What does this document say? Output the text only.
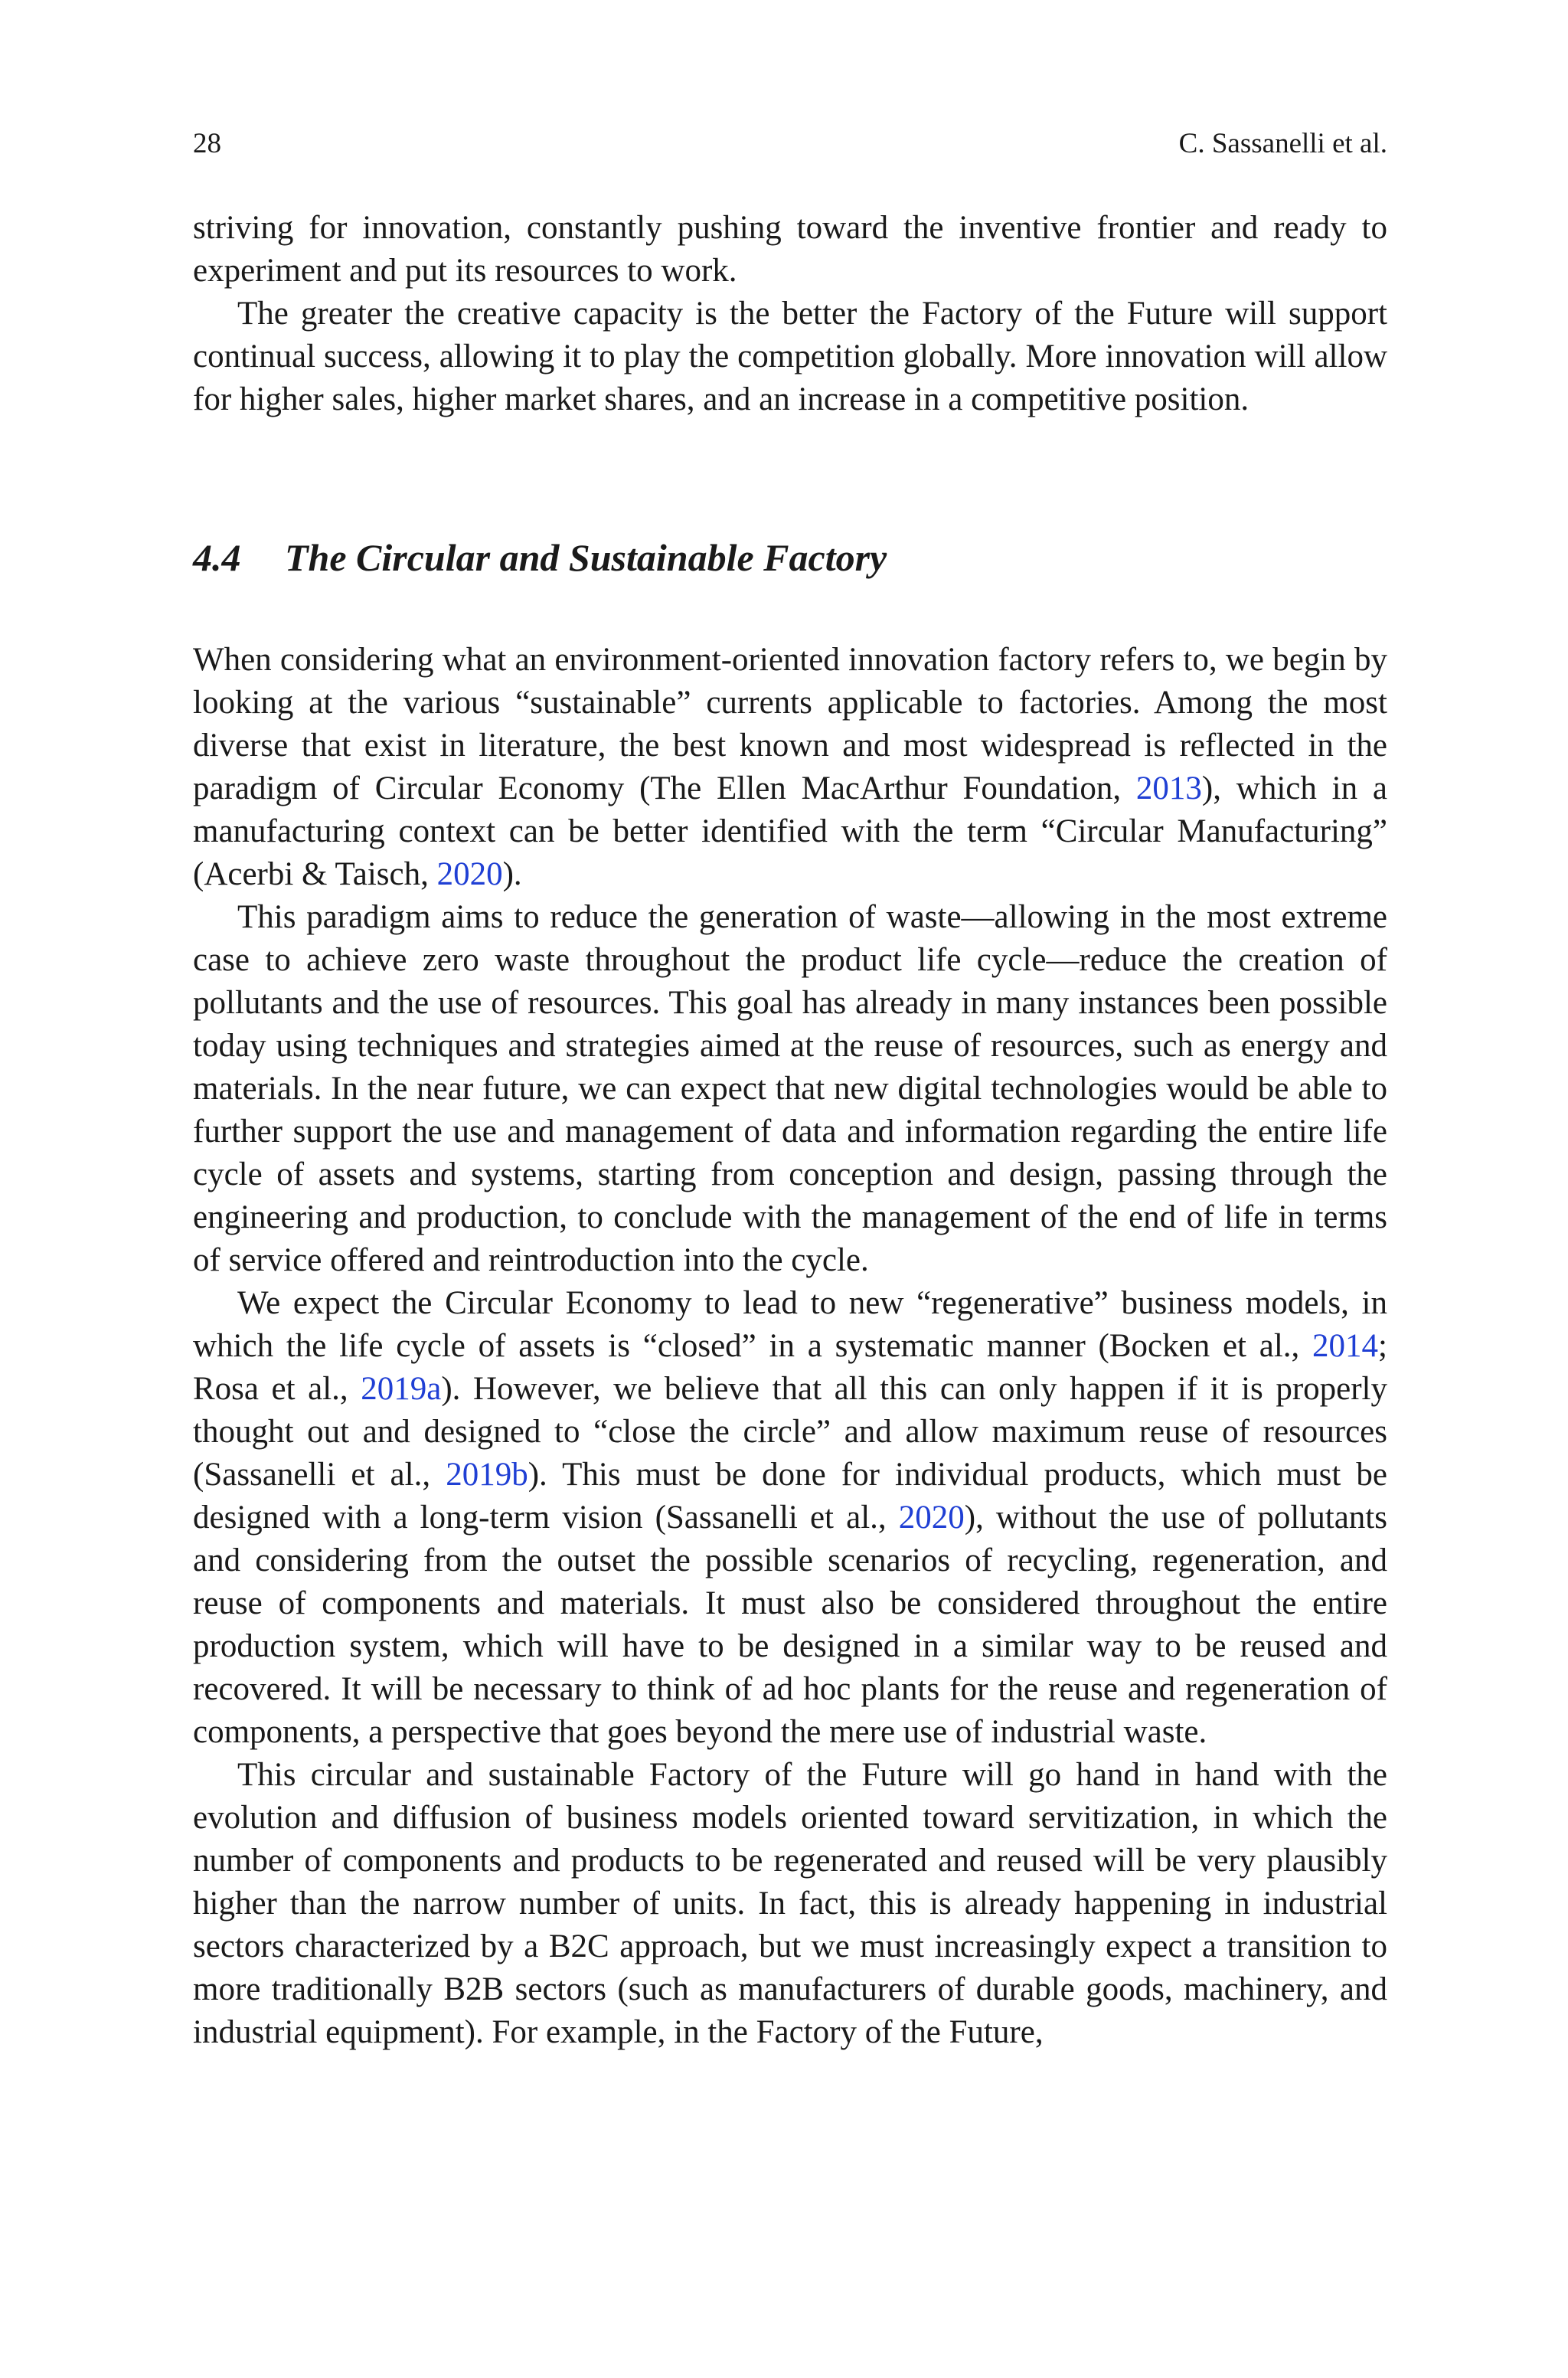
28	C. Sassanelli et al.

striving for innovation, constantly pushing toward the inventive frontier and ready to experiment and put its resources to work.

The greater the creative capacity is the better the Factory of the Future will support continual success, allowing it to play the competition globally. More innovation will allow for higher sales, higher market shares, and an increase in a competitive position.

4.4 The Circular and Sustainable Factory

When considering what an environment-oriented innovation factory refers to, we begin by looking at the various “sustainable” currents applicable to factories. Among the most diverse that exist in literature, the best known and most widespread is reflected in the paradigm of Circular Economy (The Ellen MacArthur Foundation, 2013), which in a manufacturing context can be better identified with the term “Circular Manufacturing” (Acerbi & Taisch, 2020).

This paradigm aims to reduce the generation of waste—allowing in the most extreme case to achieve zero waste throughout the product life cycle—reduce the creation of pollutants and the use of resources. This goal has already in many instances been possible today using techniques and strategies aimed at the reuse of resources, such as energy and materials. In the near future, we can expect that new digital technologies would be able to further support the use and management of data and information regarding the entire life cycle of assets and systems, starting from conception and design, passing through the engineering and production, to conclude with the management of the end of life in terms of service offered and reintroduction into the cycle.

We expect the Circular Economy to lead to new “regenerative” business models, in which the life cycle of assets is “closed” in a systematic manner (Bocken et al., 2014; Rosa et al., 2019a). However, we believe that all this can only happen if it is properly thought out and designed to “close the circle” and allow maximum reuse of resources (Sassanelli et al., 2019b). This must be done for individual products, which must be designed with a long-term vision (Sassanelli et al., 2020), without the use of pollutants and considering from the outset the possible scenarios of recycling, regeneration, and reuse of components and materials. It must also be considered throughout the entire production system, which will have to be designed in a similar way to be reused and recovered. It will be necessary to think of ad hoc plants for the reuse and regeneration of components, a perspective that goes beyond the mere use of industrial waste.

This circular and sustainable Factory of the Future will go hand in hand with the evolution and diffusion of business models oriented toward servitization, in which the number of components and products to be regenerated and reused will be very plausibly higher than the narrow number of units. In fact, this is already happening in industrial sectors characterized by a B2C approach, but we must increasingly expect a transition to more traditionally B2B sectors (such as manufacturers of durable goods, machinery, and industrial equipment). For example, in the Factory of the Future,
